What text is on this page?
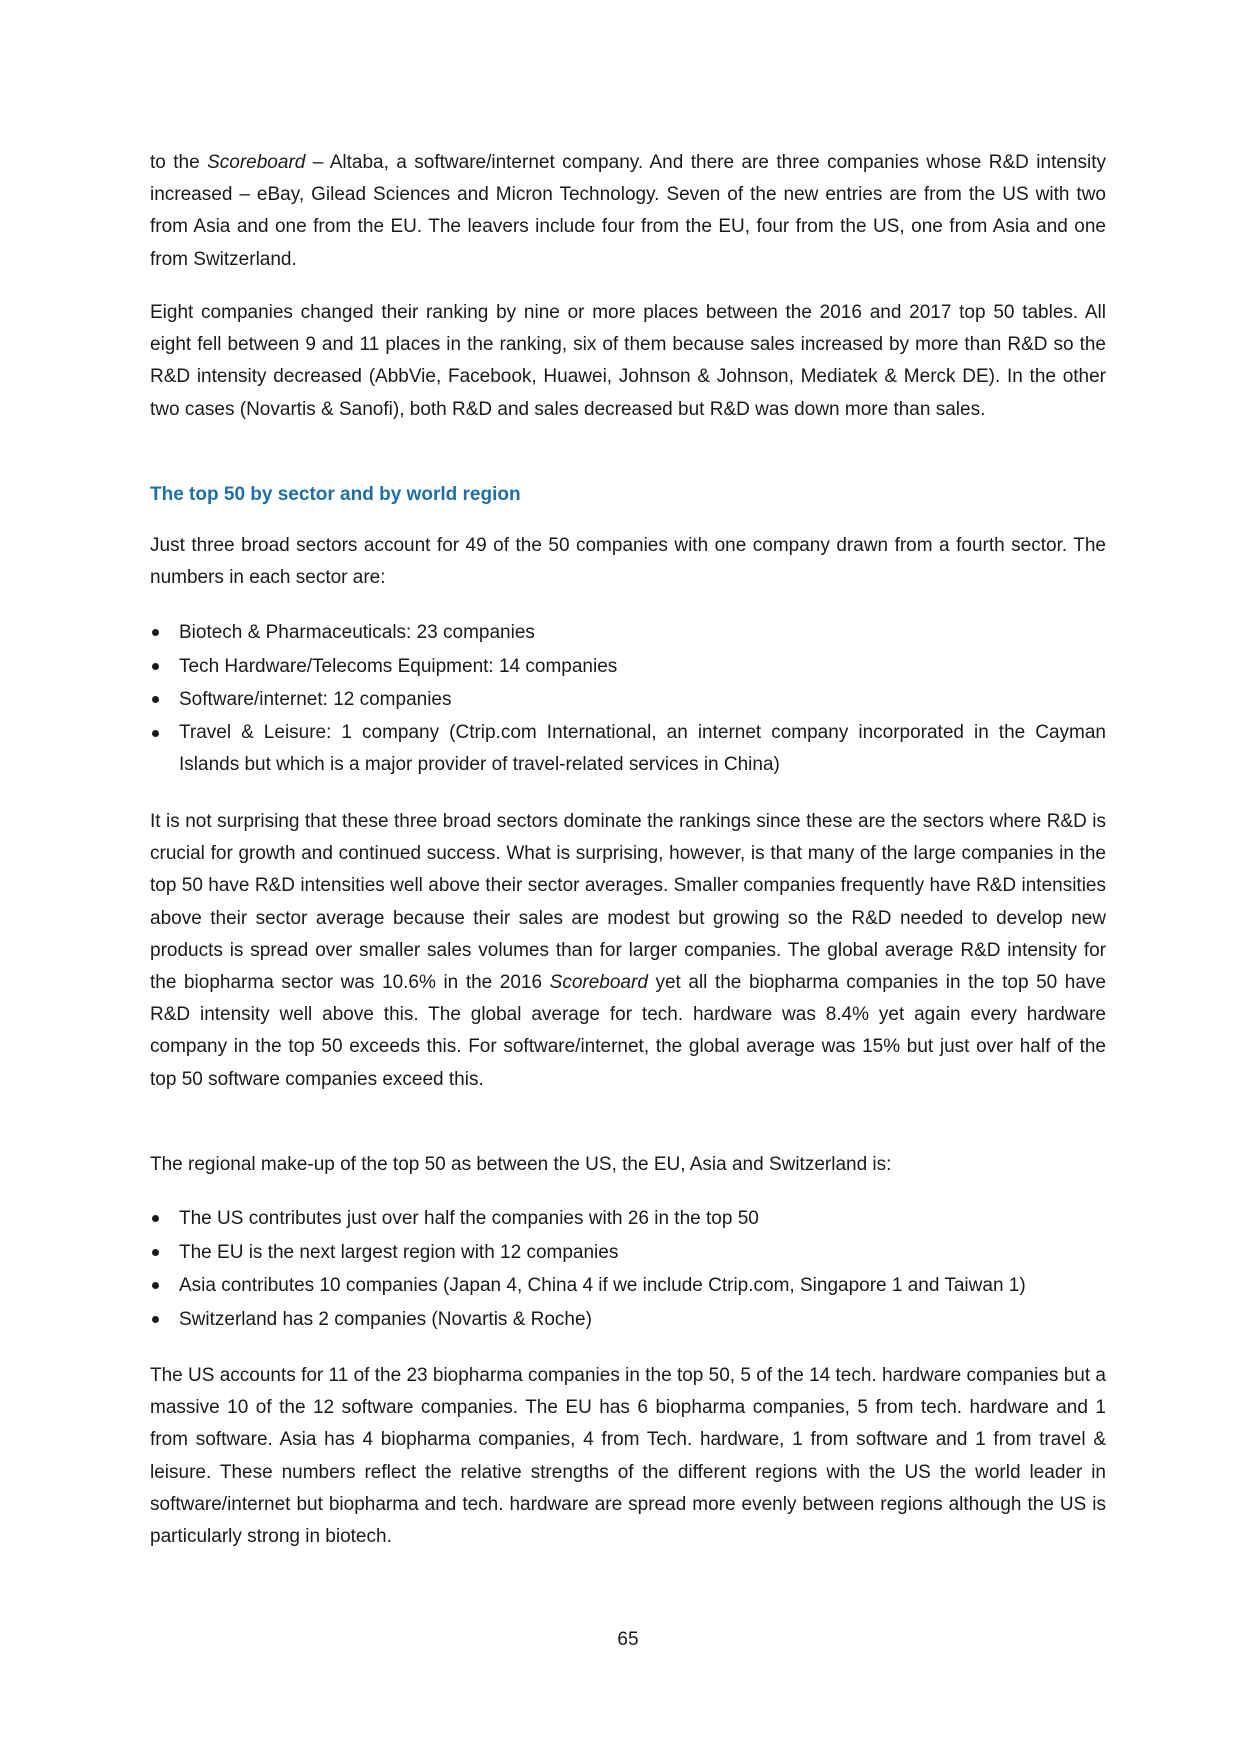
to the Scoreboard – Altaba, a software/internet company. And there are three companies whose R&D intensity increased – eBay, Gilead Sciences and Micron Technology. Seven of the new entries are from the US with two from Asia and one from the EU. The leavers include four from the EU, four from the US, one from Asia and one from Switzerland.

Eight companies changed their ranking by nine or more places between the 2016 and 2017 top 50 tables. All eight fell between 9 and 11 places in the ranking, six of them because sales increased by more than R&D so the R&D intensity decreased (AbbVie, Facebook, Huawei, Johnson & Johnson, Mediatek & Merck DE). In the other two cases (Novartis & Sanofi), both R&D and sales decreased but R&D was down more than sales.

The top 50 by sector and by world region

Just three broad sectors account for 49 of the 50 companies with one company drawn from a fourth sector. The numbers in each sector are:

Biotech & Pharmaceuticals: 23 companies
Tech Hardware/Telecoms Equipment: 14 companies
Software/internet: 12 companies
Travel & Leisure: 1 company (Ctrip.com International, an internet company incorporated in the Cayman Islands but which is a major provider of travel-related services in China)

It is not surprising that these three broad sectors dominate the rankings since these are the sectors where R&D is crucial for growth and continued success. What is surprising, however, is that many of the large companies in the top 50 have R&D intensities well above their sector averages. Smaller companies frequently have R&D intensities above their sector average because their sales are modest but growing so the R&D needed to develop new products is spread over smaller sales volumes than for larger companies. The global average R&D intensity for the biopharma sector was 10.6% in the 2016 Scoreboard yet all the biopharma companies in the top 50 have R&D intensity well above this. The global average for tech. hardware was 8.4% yet again every hardware company in the top 50 exceeds this. For software/internet, the global average was 15% but just over half of the top 50 software companies exceed this.

The regional make-up of the top 50 as between the US, the EU, Asia and Switzerland is:

The US contributes just over half the companies with 26 in the top 50
The EU is the next largest region with 12 companies
Asia contributes 10 companies (Japan 4, China 4 if we include Ctrip.com, Singapore 1 and Taiwan 1)
Switzerland has 2 companies (Novartis & Roche)

The US accounts for 11 of the 23 biopharma companies in the top 50, 5 of the 14 tech. hardware companies but a massive 10 of the 12 software companies. The EU has 6 biopharma companies, 5 from tech. hardware and 1 from software. Asia has 4 biopharma companies, 4 from Tech. hardware, 1 from software and 1 from travel & leisure. These numbers reflect the relative strengths of the different regions with the US the world leader in software/internet but biopharma and tech. hardware are spread more evenly between regions although the US is particularly strong in biotech.

65
